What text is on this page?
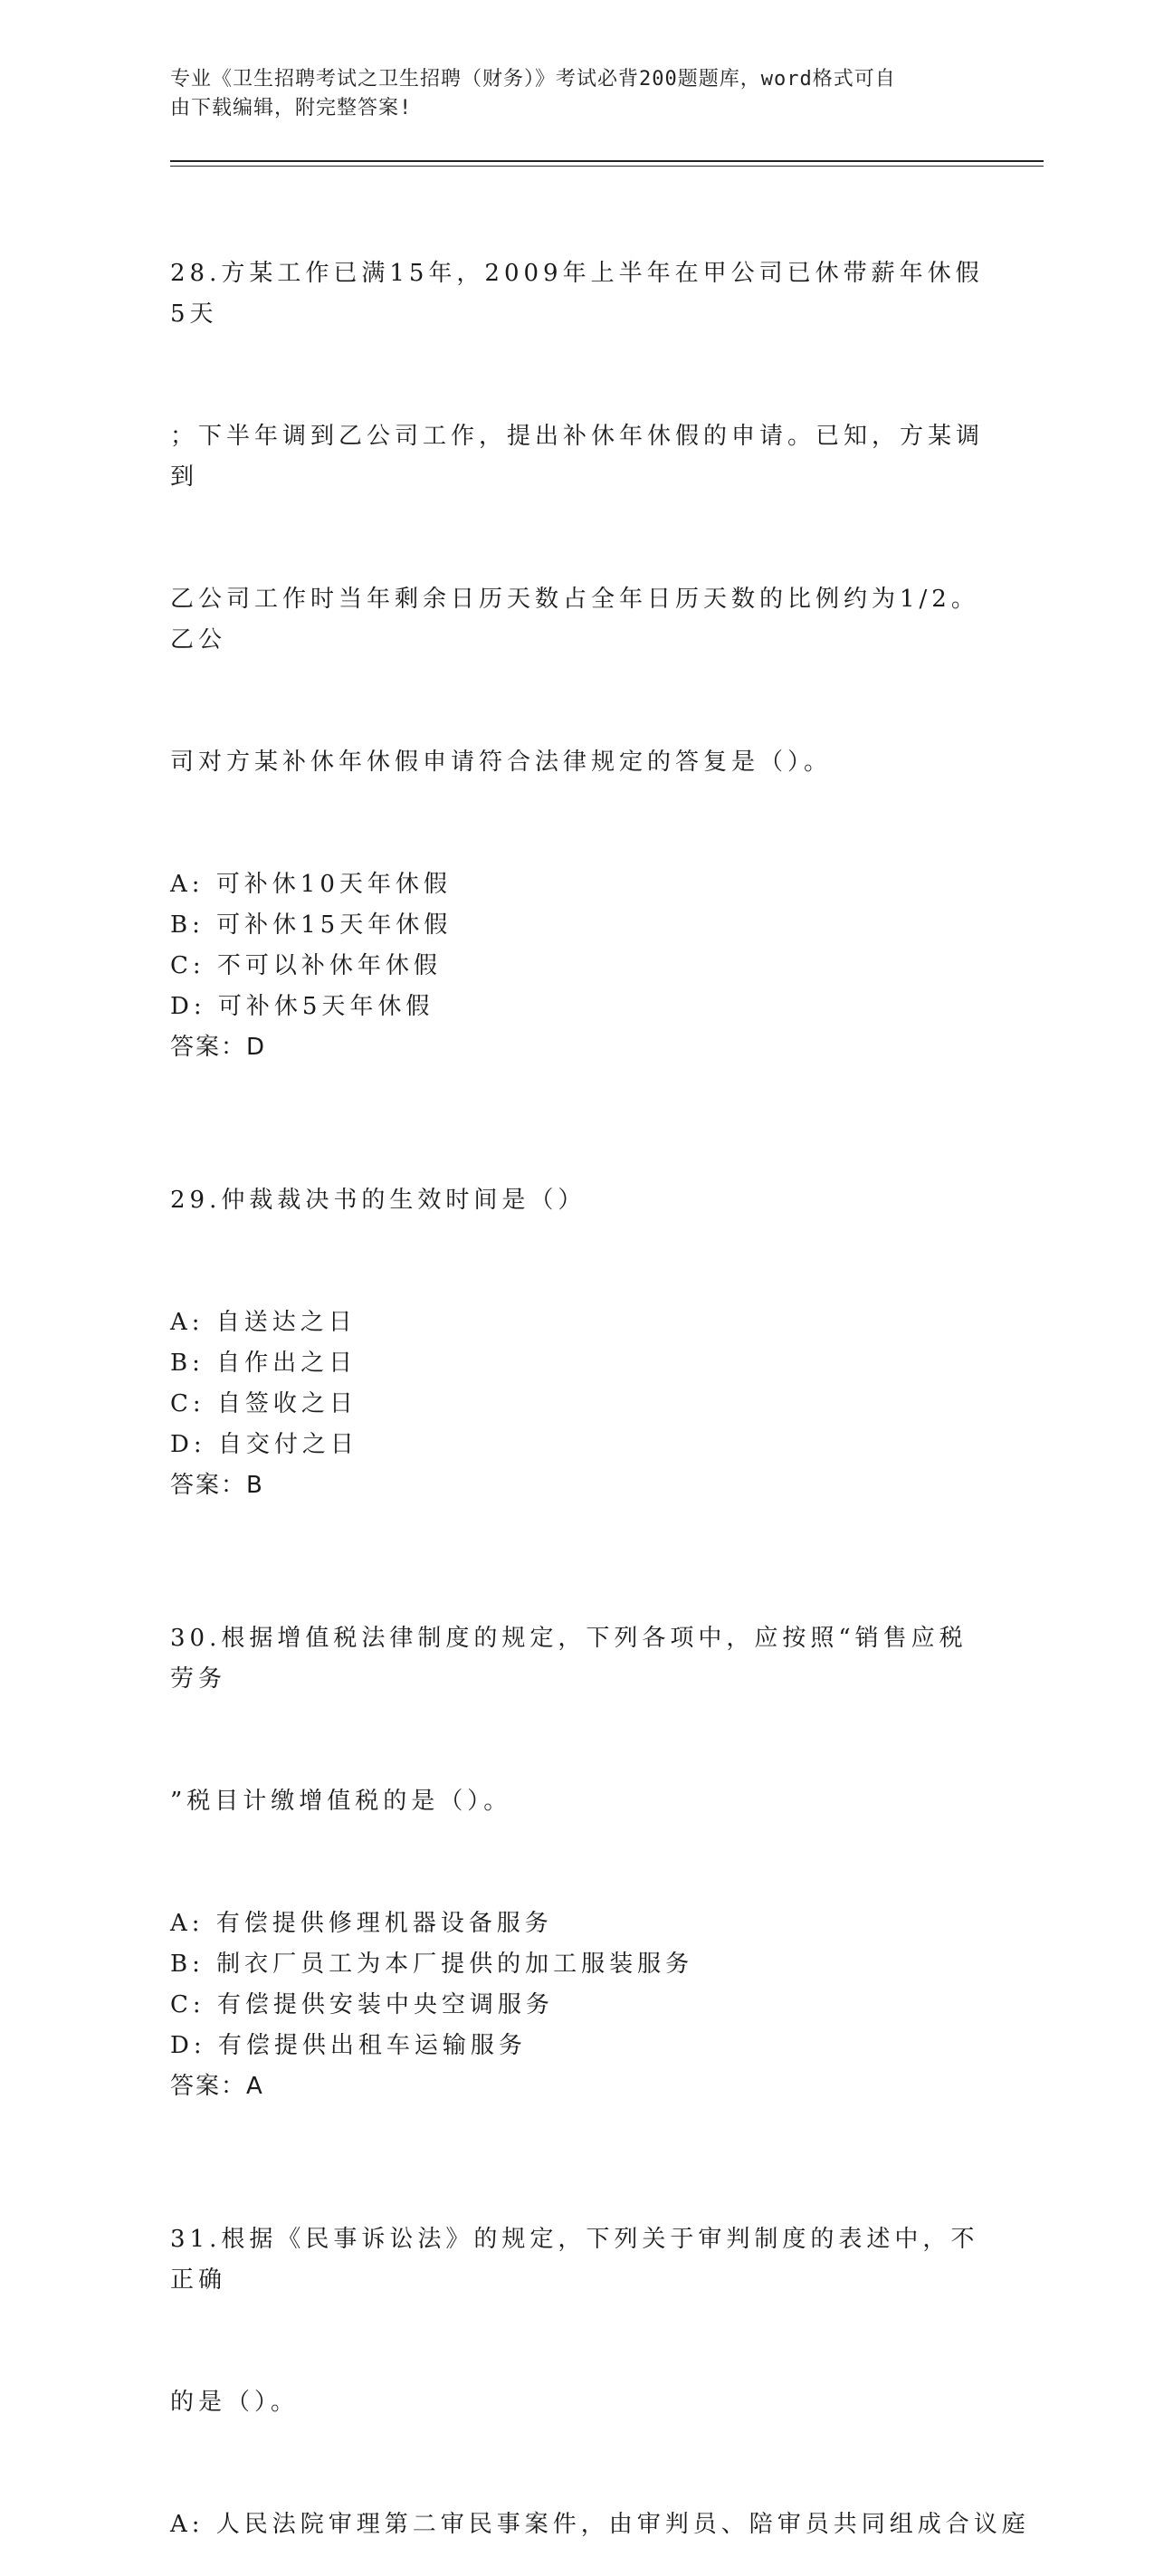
专业《卫生招聘考试之卫生招聘（财务）》考试必背200题题库，word格式可自
由下载编辑，附完整答案!

28.方某工作已满15年，2009年上半年在甲公司已休带薪年休假5天

；下半年调到乙公司工作，提出补休年休假的申请。已知，方某调到

乙公司工作时当年剩余日历天数占全年日历天数的比例约为1/2。乙公

司对方某补休年休假申请符合法律规定的答复是（）。

A: 可补休10天年休假
B: 可补休15天年休假
C: 不可以补休年休假
D: 可补休5天年休假
答案：D

29.仲裁裁决书的生效时间是（）

A: 自送达之日
B: 自作出之日
C: 自签收之日
D: 自交付之日
答案：B

30.根据增值税法律制度的规定，下列各项中，应按照“销售应税劳务

”税目计缴增值税的是（）。

A: 有偿提供修理机器设备服务
B: 制衣厂员工为本厂提供的加工服装服务
C: 有偿提供安装中央空调服务
D: 有偿提供出租车运输服务
答案：A

31.根据《民事诉讼法》的规定，下列关于审判制度的表述中，不正确

的是（）。

A: 人民法院审理第二审民事案件，由审判员、陪审员共同组成合议庭
